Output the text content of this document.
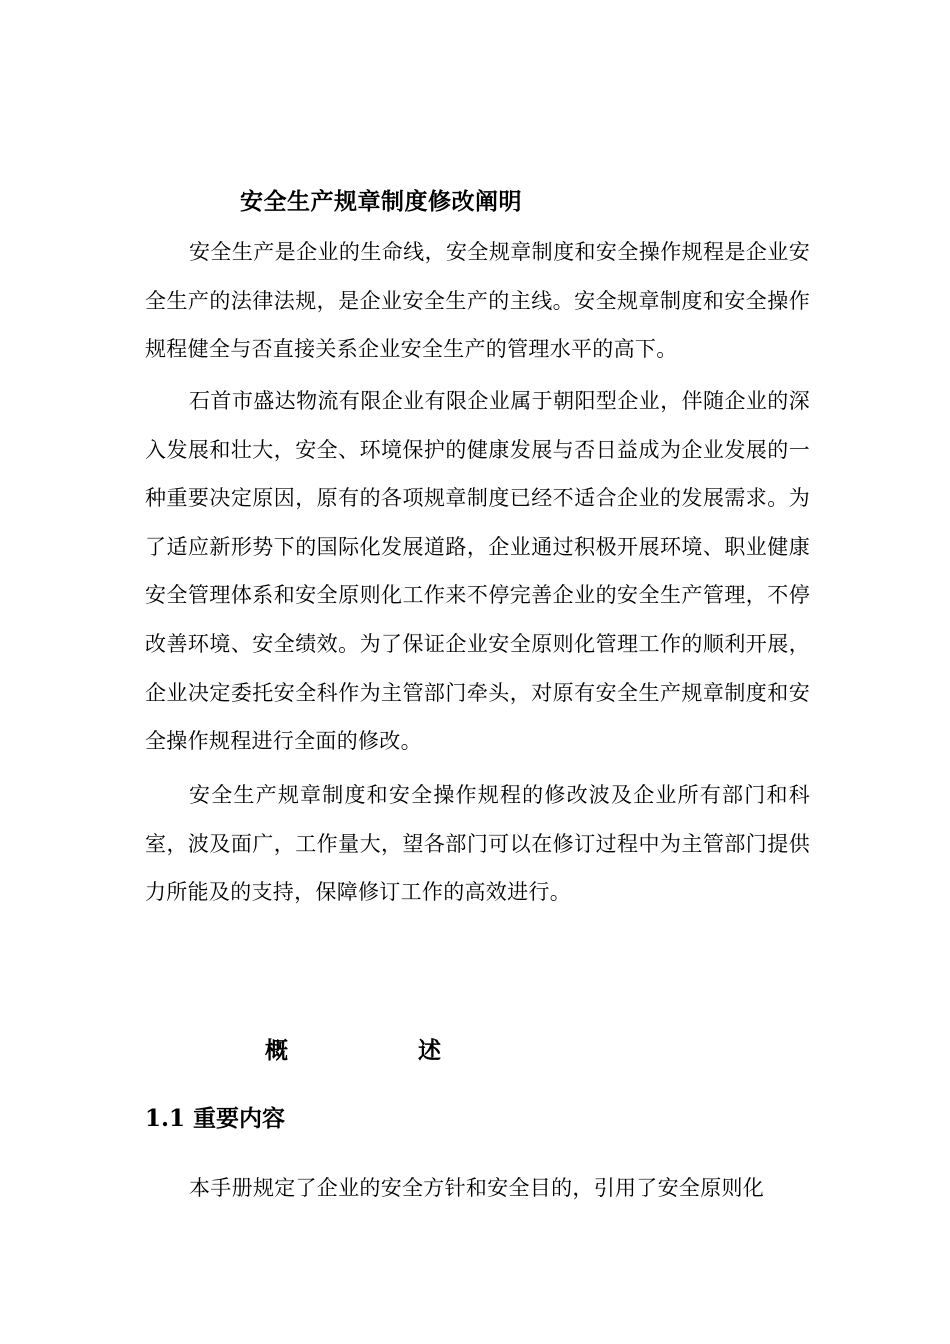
安全生产规章制度修改阐明

安全生产是企业的生命线，安全规章制度和安全操作规程是企业安全生产的法律法规，是企业安全生产的主线。安全规章制度和安全操作规程健全与否直接关系企业安全生产的管理水平的高下。

石首市盛达物流有限企业有限企业属于朝阳型企业，伴随企业的深入发展和壮大，安全、环境保护的健康发展与否日益成为企业发展的一种重要决定原因，原有的各项规章制度已经不适合企业的发展需求。为了适应新形势下的国际化发展道路，企业通过积极开展环境、职业健康安全管理体系和安全原则化工作来不停完善企业的安全生产管理，不停改善环境、安全绩效。为了保证企业安全原则化管理工作的顺利开展，企业决定委托安全科作为主管部门牵头，对原有安全生产规章制度和安全操作规程进行全面的修改。

安全生产规章制度和安全操作规程的修改波及企业所有部门和科室，波及面广，工作量大，望各部门可以在修订过程中为主管部门提供力所能及的支持，保障修订工作的高效进行。

概	述
1.1 重要内容

本手册规定了企业的安全方针和安全目的，引用了安全原则化
